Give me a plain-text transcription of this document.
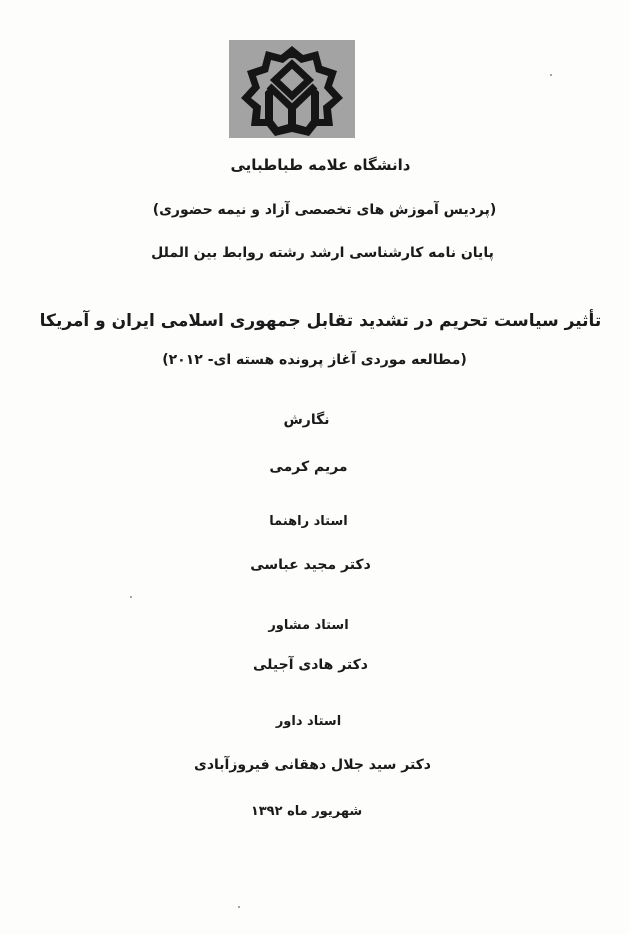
دانشگاه علامه طباطبایی
(پردیس آموزش های تخصصی آزاد و نیمه حضوری)
پایان نامه کارشناسی ارشد رشته روابط بین الملل
تأثیر سیاست تحریم در تشدید تقابل جمهوری اسلامی ایران و آمریکا
(مطالعه موردی آغاز پرونده هسته ای- ۲۰۱۲)
نگارش
مریم کرمی
استاد راهنما
دکتر مجید عباسی
استاد مشاور
دکتر هادی آجیلی
استاد داور
دکتر سید جلال دهقانی فیروزآبادی
شهریور ماه ۱۳۹۲
